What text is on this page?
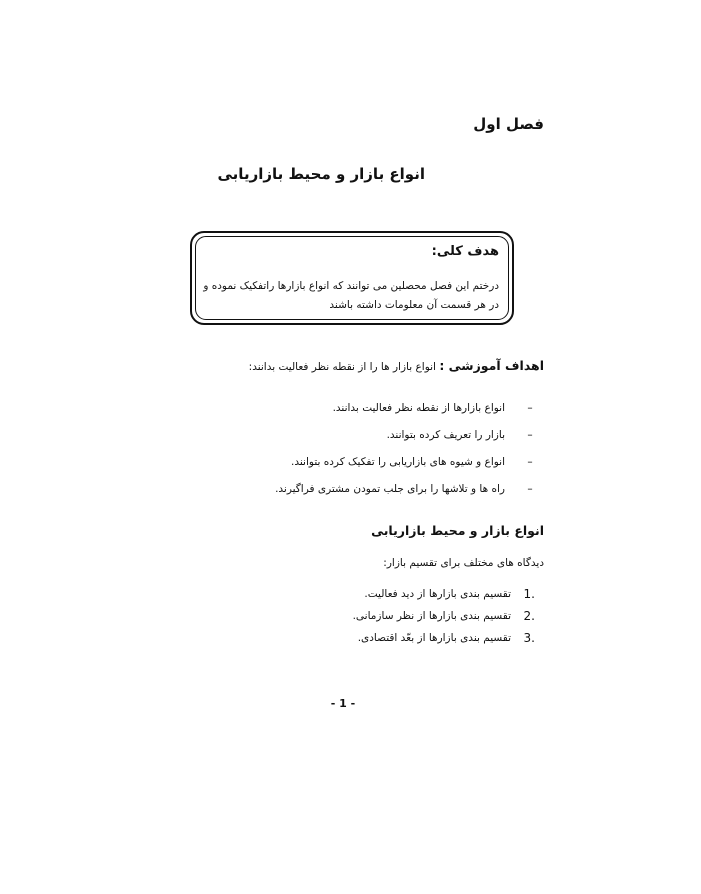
فصل اول
انواع بازار و محیط بازاریابی
هدف کلی:
درختم این فصل محصلین می توانند که انواع بازارها راتفکیک نموده و
در هر قسمت آن معلومات داشته باشند
اهداف آموزشی : انواع بازار ها را از نقطه نظر فعالیت بدانند:
–
انواع بازارها از نقطه نظر فعالیت بدانند.
–
بازار را تعریف کرده بتوانند.
–
انواع و شیوه های بازاریابی را تفکیک کرده بتوانند.
–
راه ها و تلاشها را برای جلب تمودن مشتری فراگیرند.
انواع بازار و محیط بازاریابی
دیدگاه های مختلف برای تقسیم بازار:
1.
تقسیم بندی بازارها از دید فعالیت.
2.
تقسیم بندی بازارها از نظر سازمانی.
3.
تقسیم بندی بازارها از بعّد اقتصادی.
- 1 -
